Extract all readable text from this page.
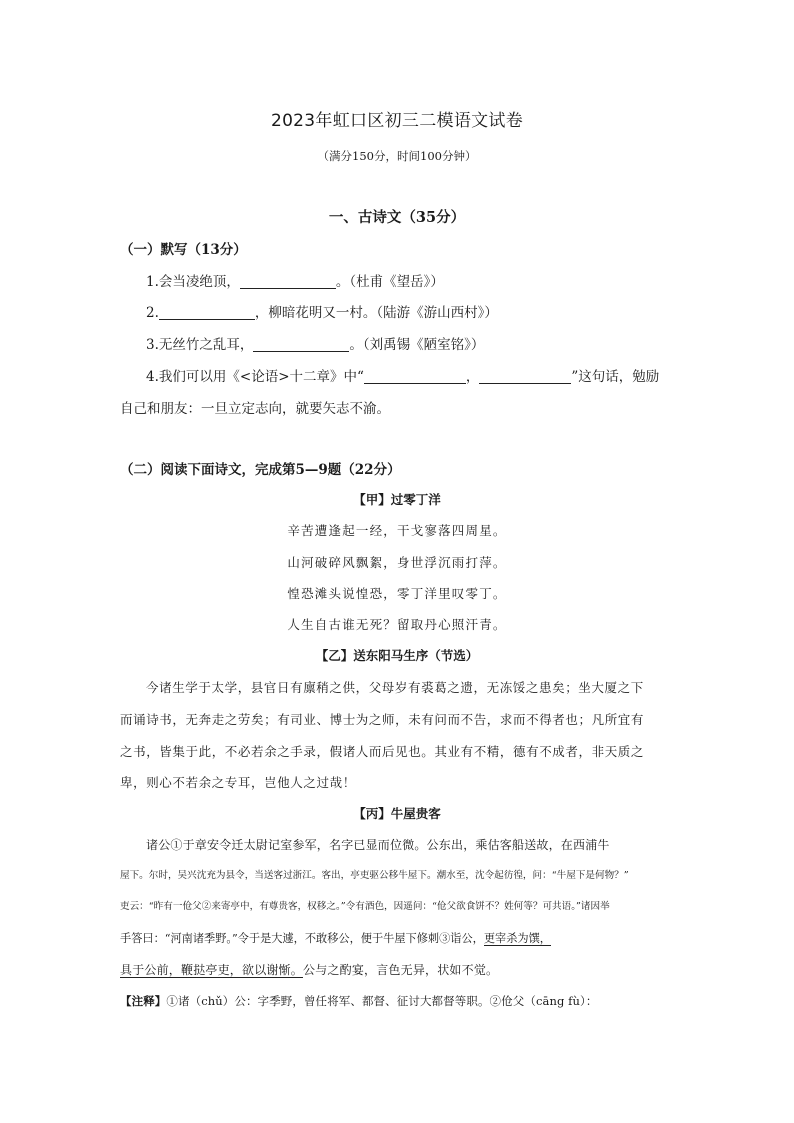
2023年虹口区初三二模语文试卷
（满分150分，时间100分钟）
一、古诗文（35分）
（一）默写（13分）
1.会当凌绝顶，	。（杜甫《望岳》）
2.	，柳暗花明又一村。（陆游《游山西村》）
3.无丝竹之乱耳，	。（刘禹锡《陋室铭》）
4.我们可以用《<论语>十二章》中“	，	”这句话，勉励
自己和朋友：一旦立定志向，就要矢志不渝。
（二）阅读下面诗文，完成第5—9题（22分）
【甲】过零丁洋
辛苦遭逢起一经，干戈寥落四周星。
山河破碎风飘絮，身世浮沉雨打萍。
惶恐滩头说惶恐，零丁洋里叹零丁。
人生自古谁无死？留取丹心照汗青。
【乙】送东阳马生序（节选）
今诸生学于太学，县官日有廪稍之供，父母岁有裘葛之遗，无冻馁之患矣；坐大厦之下
而诵诗书，无奔走之劳矣；有司业、博士为之师，未有问而不告，求而不得者也；凡所宜有
之书，皆集于此，不必若余之手录，假诸人而后见也。其业有不精，德有不成者，非天质之
卑，则心不若余之专耳，岂他人之过哉！
【丙】牛屋贵客
诸公①于章安令迁太尉记室参军，名字已显而位微。公东出，乘估客船送故，在西浦牛
屋下。尔时，吴兴沈充为县令，当送客过浙江。客出，亭吏驱公移牛屋下。潮水至，沈令起彷徨，问：“牛屋下是何物？”
吏云：“昨有一伧父②来寄亭中，有尊贵客，权移之。”令有酒色，因遥问：“伧父欲食饼不？姓何等？可共语。”诸因举
手答曰：“河南诸季野。”令于是大遽，不敢移公，便于牛屋下修刺③诣公，更宰杀为馔，
具于公前，鞭挞亭吏，欲以谢惭。公与之酌宴，言色无异，状如不觉。
【注释】①诸（chǔ）公：字季野，曾任将军、都督、征讨大都督等职。②伧父（cāng fù）：
